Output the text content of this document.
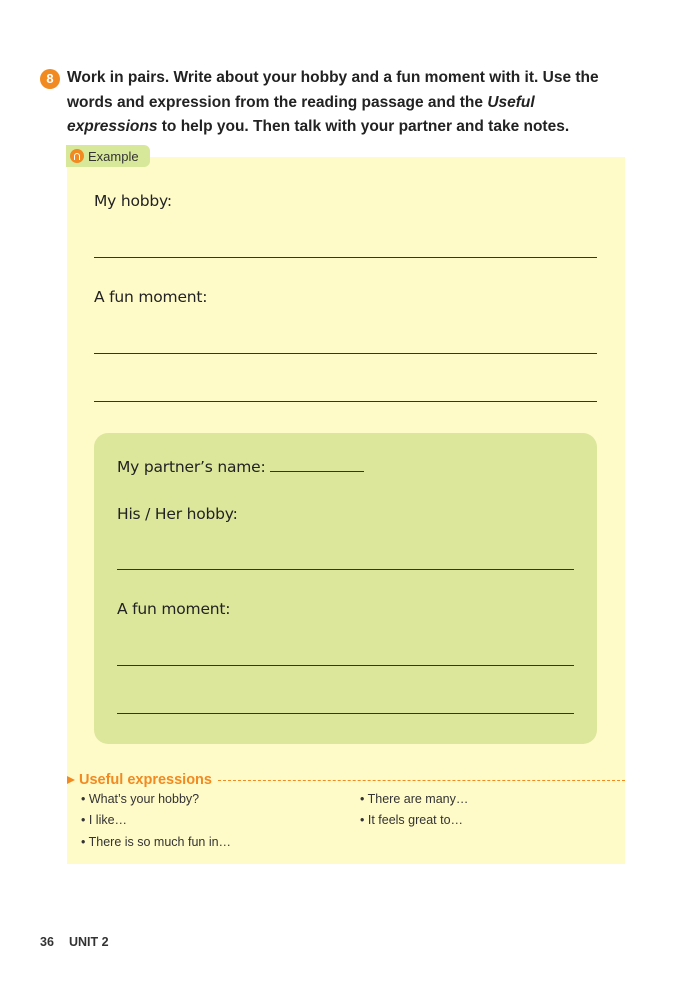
8 Work in pairs. Write about your hobby and a fun moment with it. Use the words and expression from the reading passage and the Useful expressions to help you. Then talk with your partner and take notes.
Example
My hobby:
A fun moment:
My partner’s name:
His / Her hobby:
A fun moment:
Useful expressions
• What’s your hobby?
• I like…
• There is so much fun in…
• There are many…
• It feels great to…
36 UNIT 2
